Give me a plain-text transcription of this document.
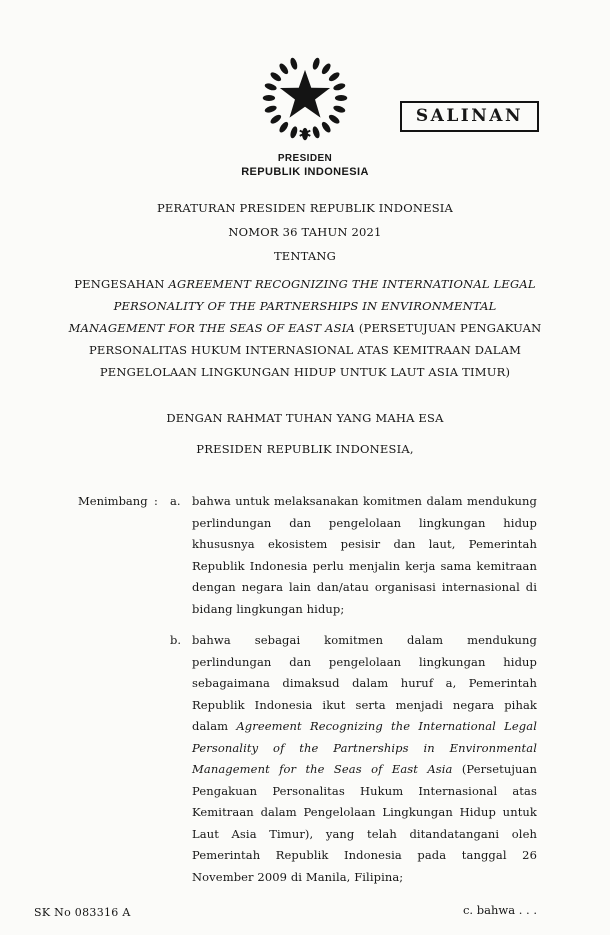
SALINAN
PRESIDEN
REPUBLIK INDONESIA
PERATURAN PRESIDEN REPUBLIK INDONESIA
NOMOR 36 TAHUN 2021
TENTANG

PENGESAHAN AGREEMENT RECOGNIZING THE INTERNATIONAL LEGAL PERSONALITY OF THE PARTNERSHIPS IN ENVIRONMENTAL MANAGEMENT FOR THE SEAS OF EAST ASIA (PERSETUJUAN PENGAKUAN PERSONALITAS HUKUM INTERNASIONAL ATAS KEMITRAAN DALAM PENGELOLAAN LINGKUNGAN HIDUP UNTUK LAUT ASIA TIMUR)

DENGAN RAHMAT TUHAN YANG MAHA ESA
PRESIDEN REPUBLIK INDONESIA,
Menimbang :	a. bahwa untuk melaksanakan komitmen dalam mendukung perlindungan dan pengelolaan lingkungan hidup khususnya ekosistem pesisir dan laut, Pemerintah Republik Indonesia perlu menjalin kerja sama kemitraan dengan negara lain dan/atau organisasi internasional di bidang lingkungan hidup;

b. bahwa sebagai komitmen dalam mendukung perlindungan dan pengelolaan lingkungan hidup sebagaimana dimaksud dalam huruf a, Pemerintah Republik Indonesia ikut serta menjadi negara pihak dalam Agreement Recognizing the International Legal Personality of the Partnerships in Environmental Management for the Seas of East Asia (Persetujuan Pengakuan Personalitas Hukum Internasional atas Kemitraan dalam Pengelolaan Lingkungan Hidup untuk Laut Asia Timur), yang telah ditandatangani oleh Pemerintah Republik Indonesia pada tanggal 26 November 2009 di Manila, Filipina;

c. bahwa . . .
SK No 083316 A
